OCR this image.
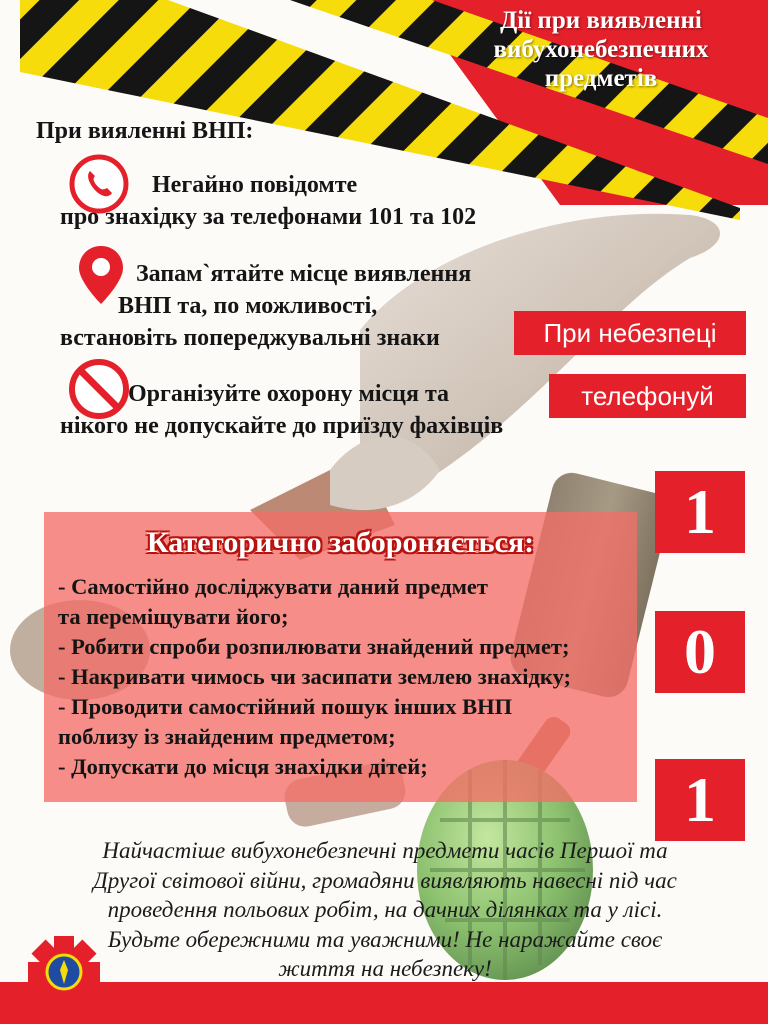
Дії при виявленні
вибухонебезпечних
предметів
При вияленні ВНП:
Негайно повідомте
про знахідку за телефонами 101 та 102
Запам`ятайте місце виявлення
ВНП та, по можливості,
встановіть попереджувальні знаки
Організуйте охорону місця та
нікого не допускайте до приїзду фахівців
При небезпеці
телефонуй
1
0
1
Категорично забороняється:
- Самостійно досліджувати даний предмет
та переміщувати його;
- Робити спроби розпилювати знайдений предмет;
- Накривати чимось чи засипати землею знахідку;
- Проводити самостійний пошук інших ВНП
поблизу із знайденим предметом;
- Допускати до місця знахідки дітей;
Найчастіше вибухонебезпечні предмети часів Першої та
Другої світової війни, громадяни виявляють навесні під час
проведення польових робіт, на дачних ділянках та у лісі.
Будьте обережними та уважними! Не наражайте своє
життя на небезпеку!
